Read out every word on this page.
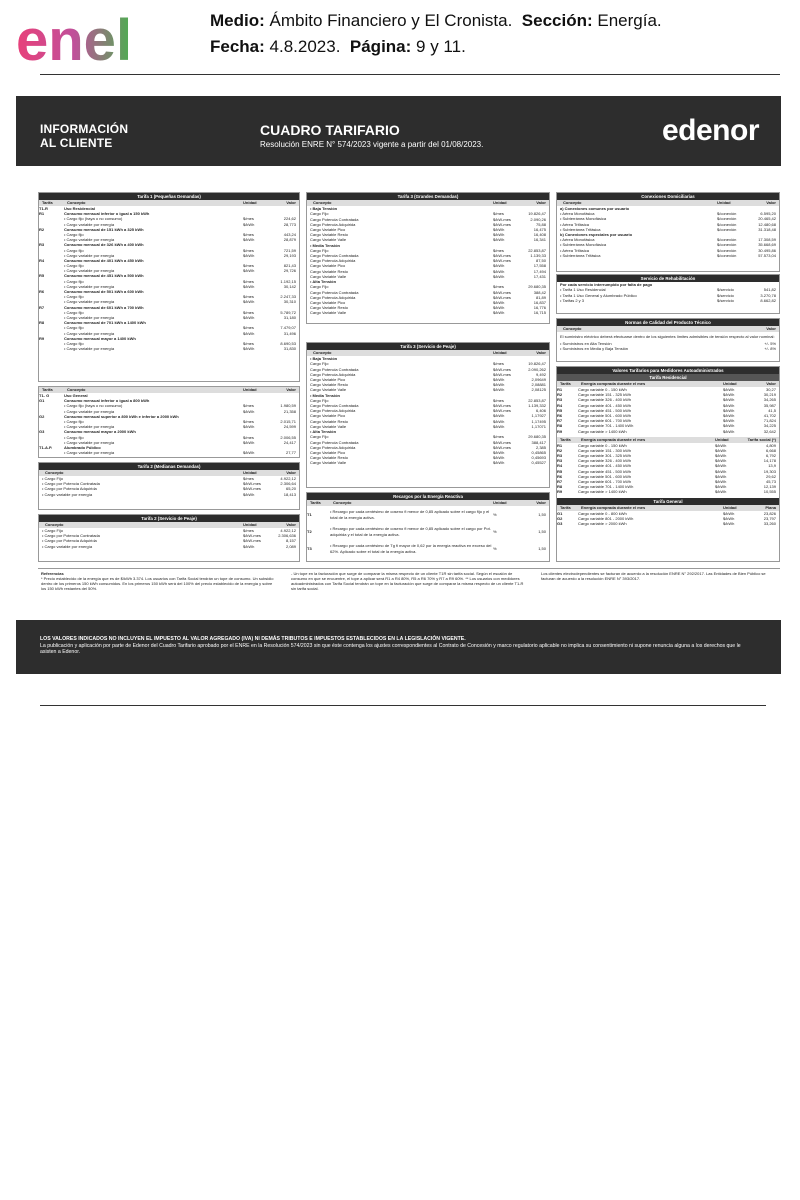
enel	Medio: Ámbito Financiero y El Cronista. Sección: Energía.
Fecha: 4.8.2023. Página: 9 y 11.
INFORMACIÓN
AL CLIENTE
CUADRO TARIFARIO
Resolución ENRE N° 574/2023 vigente a partir del 01/08/2023.	edenor
Tarifa 1 (Pequeñas Demandas)
Tarifa	Concepto	Unidad	Valor
T1-R	Uso Residencial
R1	Consumo mensual inferior o igual a 150 kWh
• Cargo fijo (haya o no consumo)	$/mes	224,62
• Cargo variable por energía	$/kWh	28,773
R2	Consumo mensual de 151 kWh a 325 kWh
• Cargo fijo	$/mes	443,24
• Cargo variable por energía	$/kWh	28,879
R3	Consumo mensual de 326 kWh a 400 kWh
• Cargo fijo	$/mes	721,59
• Cargo variable por energía	$/kWh	29,193
R4	Consumo mensual de 401 kWh a 450 kWh
• Cargo fijo	$/mes	821,43
• Cargo variable por energía	$/kWh	29,726
R5	Consumo mensual de 451 kWh a 500 kWh
• Cargo fijo	$/mes	1.192,15
• Cargo variable por energía	$/kWh	30,142
R6	Consumo mensual de 501 kWh a 600 kWh
• Cargo fijo	$/mes	2.247,33
• Cargo variable por energía	$/kWh	30,310
R7	Consumo mensual de 601 kWh a 700 kWh
• Cargo fijo	$/mes	5.789,72
• Cargo variable por energía	$/kWh	31,180
R8	Consumo mensual de 701 kWh a 1400 kWh
• Cargo fijo	$/mes	7.479,07
• Cargo variable por energía	$/kWh	31,496
R9	Consumo mensual mayor a 1400 kWh
• Cargo fijo	$/mes	8.690,53
• Cargo variable por energía	$/kWh	31,830
Tarifa	Concepto	Unidad	Valor
T1- G	Uso General
G1	Consumo mensual inferior o igual a 800 kWh
• Cargo fijo (haya o no consumo)	$/mes	1.980,59
• Cargo variable por energía	$/kWh	21,358
G2	Consumo mensual superior a 800 kWh e inferior a 2000 kWh
• Cargo fijo	$/mes	2.015,71
• Cargo variable por energía	$/kWh	24,599
G3	Consumo mensual mayor a 2000 kWh
• Cargo fijo	$/mes	2.006,55
• Cargo variable por energía	$/kWh	24,417
T1-A.P.	Alumbrado Público
• Cargo variable por energía	$/kWh	27,77
Tarifa 2 (Medianas Demandas)
Concepto	Unidad	Valor
• Cargo Fijo	$/mes	4.922,12
• Cargo por Potencia Contratada	$/kW-mes	2.306,64
• Cargo por Potencia Adquirida	$/kW-mes	65,20
• Cargo variable por energía	$/kWh	18,413
Tarifa 2 (Servicio de Peaje)
Concepto	Unidad	Valor
• Cargo Fijo	$/mes	4.922,12
• Cargo por Potencia Contratada	$/kW-mes	2.306,636
• Cargo por Potencia Adquirida	$/kW-mes	8,157
• Cargo variable por energía	$/kWh	2,089
Tarifa 3 (Grandes Demandas)
Concepto	Unidad	Valor
• Baja Tensión
Cargo Fijo	$/mes	19.826,47
Cargo Potencia Contratada	$/kW-mes	2.090,26
Cargo Potencia Adquirida	$/kW-mes	75,88
Cargo Variable Pico	$/kWh	16,475
Cargo Variable Resto	$/kWh	16,408
Cargo Variable Valle	$/kWh	16,341
• Media Tensión
Cargo Fijo	$/mes	22.853,87
Cargo Potencia Contratada	$/kW-mes	1.139,33
Cargo Potencia Adquirida	$/kW-mes	87,50
Cargo Variable Pico	$/kWh	17,558
Cargo Variable Resto	$/kWh	17,494
Cargo Variable Valle	$/kWh	17,431
• Alta Tensión
Cargo Fijo	$/mes	29.680,35
Cargo Potencia Contratada	$/kW-mes	388,42
Cargo Potencia Adquirida	$/kW-mes	81,89
Cargo Variable Pico	$/kWh	16,837
Cargo Variable Resto	$/kWh	16,776
Cargo Variable Valle	$/kWh	16,715
Tarifa 3 (Servicio de Peaje)
Concepto	Unidad	Valor
• Baja Tensión
Cargo Fijo	$/mes	19.826,47
Cargo Potencia Contratada	$/kW-mes	2.090,262
Cargo Potencia Adquirida	$/kW-mes	9,492
Cargo Variable Pico	$/kWh	2,09649
Cargo Variable Resto	$/kWh	2,08881
Cargo Variable Valle	$/kWh	2,08125
• Media Tensión
Cargo Fijo	$/mes	22.853,87
Cargo Potencia Contratada	$/kW-mes	1.139,332
Cargo Potencia Adquirida	$/kW-mes	6,406
Cargo Variable Pico	$/kWh	1,17927
Cargo Variable Resto	$/kWh	1,17495
Cargo Variable Valle	$/kWh	1,17071
• Alta Tensión
Cargo Fijo	$/mes	29.680,35
Cargo Potencia Contratada	$/kW-mes	388,417
Cargo Potencia Adquirida	$/kW-mes	2,385
Cargo Variable Pico	$/kWh	0,45865
Cargo Variable Resto	$/kWh	0,45693
Cargo Variable Valle	$/kWh	0,45527
Recargos por la Energía Reactiva
Tarifa	Concepto	Unidad	Valor
T1
• Recargo por cada centésimo de coseno fi menor de 0,85 aplicado sobre el cargo fijo y el total de la energía activa.
%	1,50
T2
• Recargo por cada centésimo de coseno fi menor de 0,85 aplicado sobre el cargo por Pot. adquirida y el total de la energía activa.
%	1,50
T3
• Recargo por cada centésimo de Tg fi mayor de 0,62 por la energía reactiva en exceso del 62%. Aplicado sobre el total de la energía activa.
%	1,50
Conexiones Domiciliarias
Concepto	Unidad	Valor
a) Conexiones comunes por usuario
• Aérea Monofásica	$/conexión	6.595,20
• Subterránea Monofásica	$/conexión	20.465,42
• Aérea Trifásica	$/conexión	12.480,68
• Subterránea Trifásica	$/conexión	31.318,48
b) Conexiones especiales por usuario
• Aérea Monofásica	$/conexión	17.308,59
• Subterránea Monofásica	$/conexión	35.668,69
• Aérea Trifásica	$/conexión	30.495,86
• Subterránea Trifásica	$/conexión	57.573,04
Servicio de Rehabilitación
Por cada servicio interrumpido por falta de pago
• Tarifa 1 Uso Residencial	$/servicio	541,82
• Tarifa 1 Uso General y Alumbrado Público	$/servicio	3.270,78
• Tarifas 2 y 3	$/servicio	8.662,82
Normas de Calidad del Producto Técnico
Concepto	Valor
El suministro eléctrico deberá efectuarse dentro de los siguientes límites admisibles de tensión respecto al valor nominal:
• Suministros en Alta Tensión	+/- 5%
• Suministros en Media y Baja Tensión	+/- 8%
Valores Tarifarios para Medidores Autoadministrados
Tarifa Residencial
Tarifa	Energía comprada durante el mes	Unidad	Valor
R1	Cargo variable 0 - 150 kWh	$/kWh	30,27
R2	Cargo variable 151 - 325 kWh	$/kWh	30,219
R3	Cargo variable 326 - 400 kWh	$/kWh	34,265
R4	Cargo variable 401 - 450 kWh	$/kWh	35,987
R5	Cargo variable 451 - 500 kWh	$/kWh	41,5
R6	Cargo variable 501 - 600 kWh	$/kWh	41,702
R7	Cargo variable 601 - 700 kWh	$/kWh	71,824
R8	Cargo variable 701 - 1400 kWh	$/kWh	34,225
R9	Cargo variable > 1400 kWh	$/kWh	32,642
Tarifa	Energía comprada durante el mes	Unidad	Tarifa social (*)
R1	Cargo variable 0 - 150 kWh	$/kWh	4,809
R2	Cargo variable 151 - 300 kWh	$/kWh	6,668
R3	Cargo variable 301 - 325 kWh	$/kWh	6,792
R3	Cargo variable 326 - 400 kWh	$/kWh	14,178
R4	Cargo variable 401 - 450 kWh	$/kWh	13,9
R5	Cargo variable 451 - 500 kWh	$/kWh	19,303
R6	Cargo variable 501 - 600 kWh	$/kWh	29,62
R7	Cargo variable 601 - 700 kWh	$/kWh	45,73
R8	Cargo variable 701 - 1400 kWh	$/kWh	12,139
R9	Cargo variable > 1400 kWh	$/kWh	10,555
Tarifa General
Tarifa	Energía comprada durante el mes	Unidad	Plana
G1	Cargo variable 0 - 800 kWh	$/kWh	23,826
G2	Cargo variable 801 - 2000 kWh	$/kWh	23,797
G3	Cargo variable > 2000 kWh	$/kWh	33,260
Referencias
* Precio establecido de la energía que es de $/kWh 3.374. Los usuarios con Tarifa Social tendrán un tope de consumo. Un subsidio dentro de los primeros 150 kWh consumidos. En los primeros 150 kWh será del 100% del precio establecido de la energía y sobre los 150 kWh restantes del 50%.
- Un tope en la facturación que surge de comparar la misma respecto de un cliente T1R sin tarifa social. Según el escalón de consumo en que se encuentre, el tope a aplicar será R1 a R4 80%, R5 a R6 70% y R7 a R9 60%. ** Los usuarios con medidores autoadministrados con Tarifa Social tendrán un tope en la facturación que surge de comparar la misma respecto de un cliente T1-R sin tarifa social.
Los clientes electrodependientes se facturan de acuerdo a la resolución ENRE N° 292/2017. Las Entidades de Bien Público se facturan de acuerdo a la resolución ENRE N° 393/2017.
LOS VALORES INDICADOS NO INCLUYEN EL IMPUESTO AL VALOR AGREGADO (IVA) NI DEMÁS TRIBUTOS E IMPUESTOS ESTABLECIDOS EN LA LEGISLACIÓN VIGENTE.
La publicación y aplicación por parte de Edenor del Cuadro Tarifario aprobado por el ENRE en la Resolución 574/2023 sin que éste contenga los ajustes correspondientes al Contrato de Concesión y marco regulatorio aplicable no implica su consentimiento ni supone renuncia alguna a los derechos que le asisten a Edenor.
